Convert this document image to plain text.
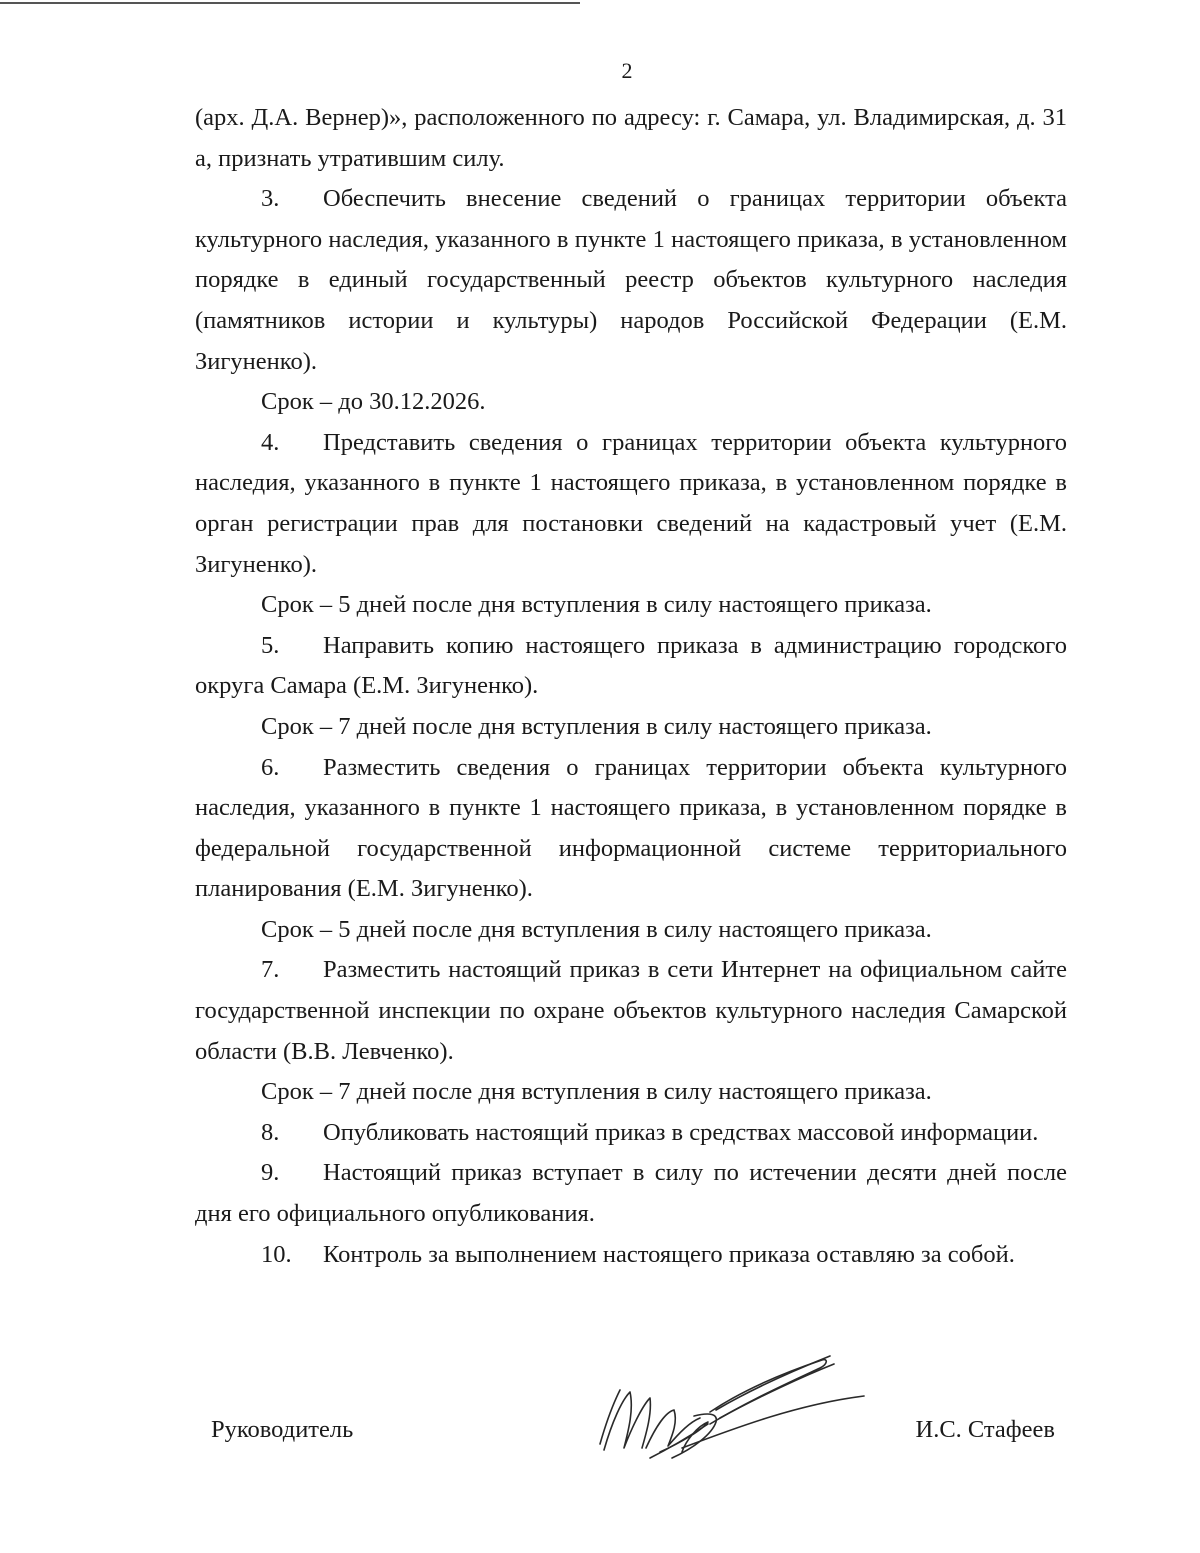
2

(арх. Д.А. Вернер)», расположенного по адресу: г. Самара, ул. Владимирская, д. 31 а, признать утратившим силу.

3. Обеспечить внесение сведений о границах территории объекта культурного наследия, указанного в пункте 1 настоящего приказа, в установленном порядке в единый государственный реестр объектов культурного наследия (памятников истории и культуры) народов Российской Федерации (Е.М. Зигуненко).

Срок – до 30.12.2026.

4. Представить сведения о границах территории объекта культурного наследия, указанного в пункте 1 настоящего приказа, в установленном порядке в орган регистрации прав для постановки сведений на кадастровый учет (Е.М. Зигуненко).

Срок – 5 дней после дня вступления в силу настоящего приказа.

5. Направить копию настоящего приказа в администрацию городского округа Самара (Е.М. Зигуненко).

Срок – 7 дней после дня вступления в силу настоящего приказа.

6. Разместить сведения о границах территории объекта культурного наследия, указанного в пункте 1 настоящего приказа, в установленном порядке в федеральной государственной информационной системе территориального планирования (Е.М. Зигуненко).

Срок – 5 дней после дня вступления в силу настоящего приказа.

7. Разместить настоящий приказ в сети Интернет на официальном сайте государственной инспекции по охране объектов культурного наследия Самарской области (В.В. Левченко).

Срок – 7 дней после дня вступления в силу настоящего приказа.

8. Опубликовать настоящий приказ в средствах массовой информации.

9. Настоящий приказ вступает в силу по истечении десяти дней после дня его официального опубликования.

10. Контроль за выполнением настоящего приказа оставляю за собой.

Руководитель	И.С. Стафеев
